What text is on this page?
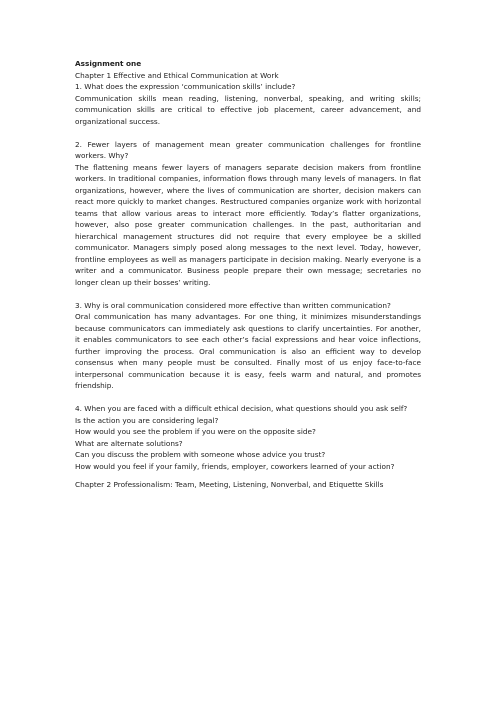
Assignment one

Chapter 1 Effective and Ethical Communication at Work

1. What does the expression ‘communication skills’ include?

Communication skills mean reading, listening, nonverbal, speaking, and writing skills; communication skills are critical to effective job placement, career advancement, and organizational success.

2. Fewer layers of management mean greater communication challenges for frontline workers. Why?

The flattening means fewer layers of managers separate decision makers from frontline workers. In traditional companies, information flows through many levels of managers. In flat organizations, however, where the lives of communication are shorter, decision makers can react more quickly to market changes. Restructured companies organize work with horizontal teams that allow various areas to interact more efficiently. Today’s flatter organizations, however, also pose greater communication challenges. In the past, authoritarian and hierarchical management structures did not require that every employee be a skilled communicator. Managers simply posed along messages to the next level. Today, however, frontline employees as well as managers participate in decision making. Nearly everyone is a writer and a communicator. Business people prepare their own message; secretaries no longer clean up their bosses’ writing.

3. Why is oral communication considered more effective than written communication?

Oral communication has many advantages. For one thing, it minimizes misunderstandings because communicators can immediately ask questions to clarify uncertainties. For another, it enables communicators to see each other’s facial expressions and hear voice inflections, further improving the process. Oral communication is also an efficient way to develop consensus when many people must be consulted. Finally most of us enjoy face-to-face interpersonal communication because it is easy, feels warm and natural, and promotes friendship.

4. When you are faced with a difficult ethical decision, what questions should you ask self?

Is the action you are considering legal?

How would you see the problem if you were on the opposite side?

What are alternate solutions?

Can you discuss the problem with someone whose advice you trust?

How would you feel if your family, friends, employer, coworkers learned of your action?

Chapter 2 Professionalism: Team, Meeting, Listening, Nonverbal, and Etiquette Skills
